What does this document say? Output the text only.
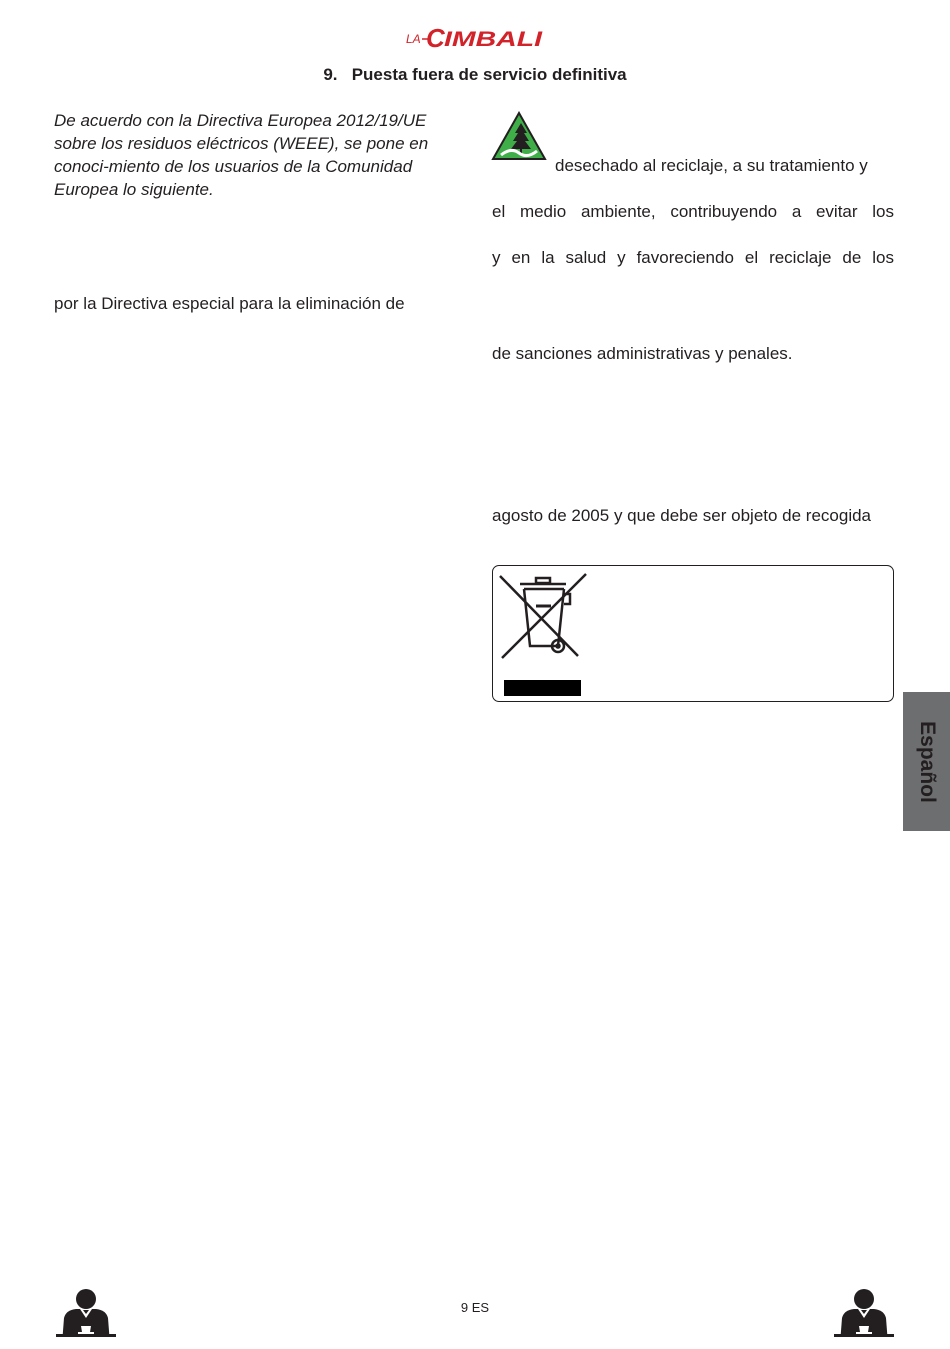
LA C IMBALI
9.   Puesta fuera de servicio definitiva
De acuerdo con la Directiva Europea 2012/19/UE sobre los residuos eléctricos (WEEE), se pone en conoci-miento de los usuarios de la Comunidad Europea lo siguiente.
por la Directiva especial para la eliminación de
desechado al reciclaje, a su tratamiento y
el medio ambiente, contribuyendo a evitar los
y en la salud y favoreciendo el reciclaje de los
de sanciones administrativas y penales.
agosto de 2005 y que debe ser objeto de recogida
Español
9 ES
